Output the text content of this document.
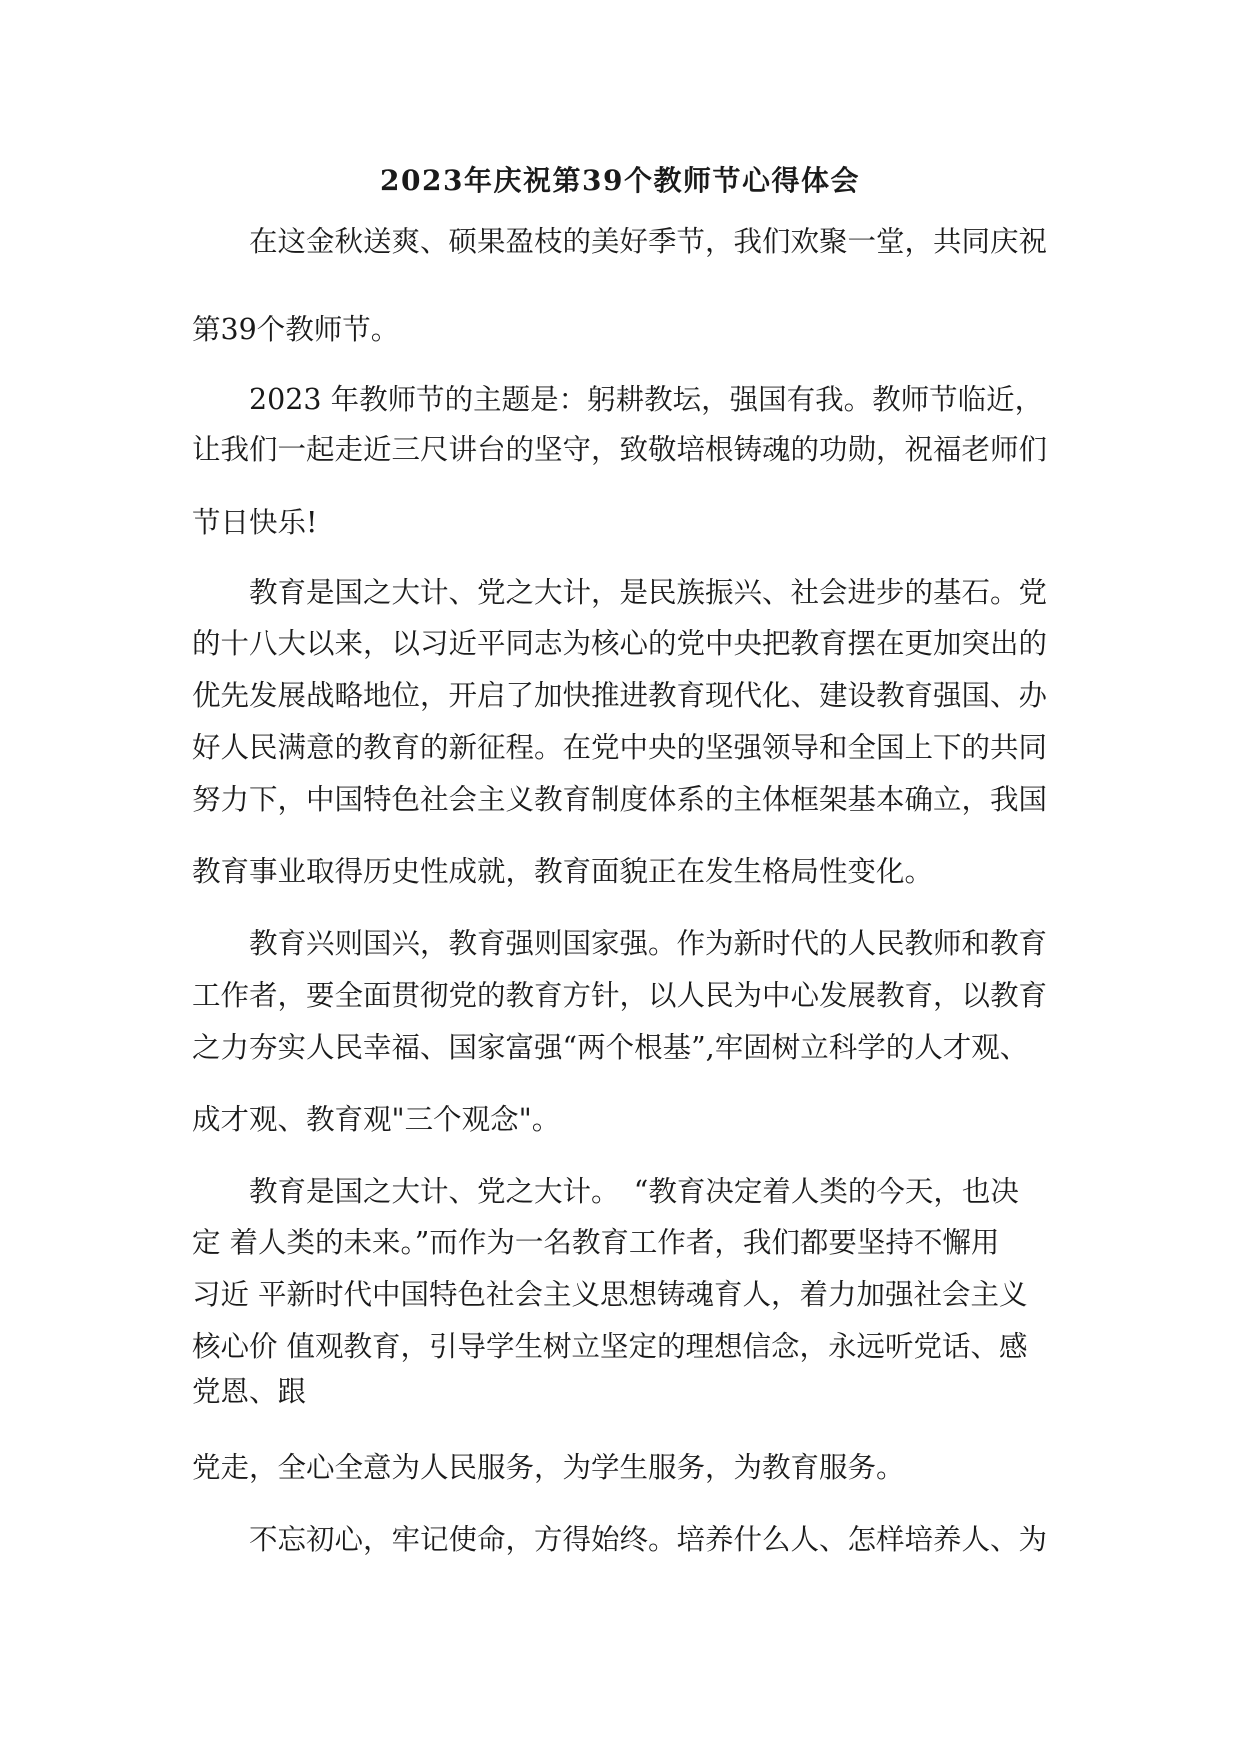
2023年庆祝第39个教师节心得体会

　　在这金秋送爽、硕果盈枝的美好季节，我们欢聚一堂，共同庆祝

第39个教师节。

　　2023 年教师节的主题是：躬耕教坛，强国有我。教师节临近，

让我们一起走近三尺讲台的坚守，致敬培根铸魂的功勋，祝福老师们

节日快乐!

　　教育是国之大计、党之大计，是民族振兴、社会进步的基石。党

的十八大以来，以习近平同志为核心的党中央把教育摆在更加突出的

优先发展战略地位，开启了加快推进教育现代化、建设教育强国、办

好人民满意的教育的新征程。在党中央的坚强领导和全国上下的共同

努力下，中国特色社会主义教育制度体系的主体框架基本确立，我国

教育事业取得历史性成就，教育面貌正在发生格局性变化。

　　教育兴则国兴，教育强则国家强。作为新时代的人民教师和教育

工作者，要全面贯彻党的教育方针，以人民为中心发展教育，以教育

之力夯实人民幸福、国家富强“两个根基”,牢固树立科学的人才观、

成才观、教育观"三个观念"。

　　教育是国之大计、党之大计。　“教育决定着人类的今天，也决

定 着人类的未来。”而作为一名教育工作者，我们都要坚持不懈用

习近 平新时代中国特色社会主义思想铸魂育人，着力加强社会主义

核心价 值观教育，引导学生树立坚定的理想信念，永远听党话、感

党恩、跟

党走，全心全意为人民服务，为学生服务，为教育服务。

　　不忘初心，牢记使命，方得始终。培养什么人、怎样培养人、为
